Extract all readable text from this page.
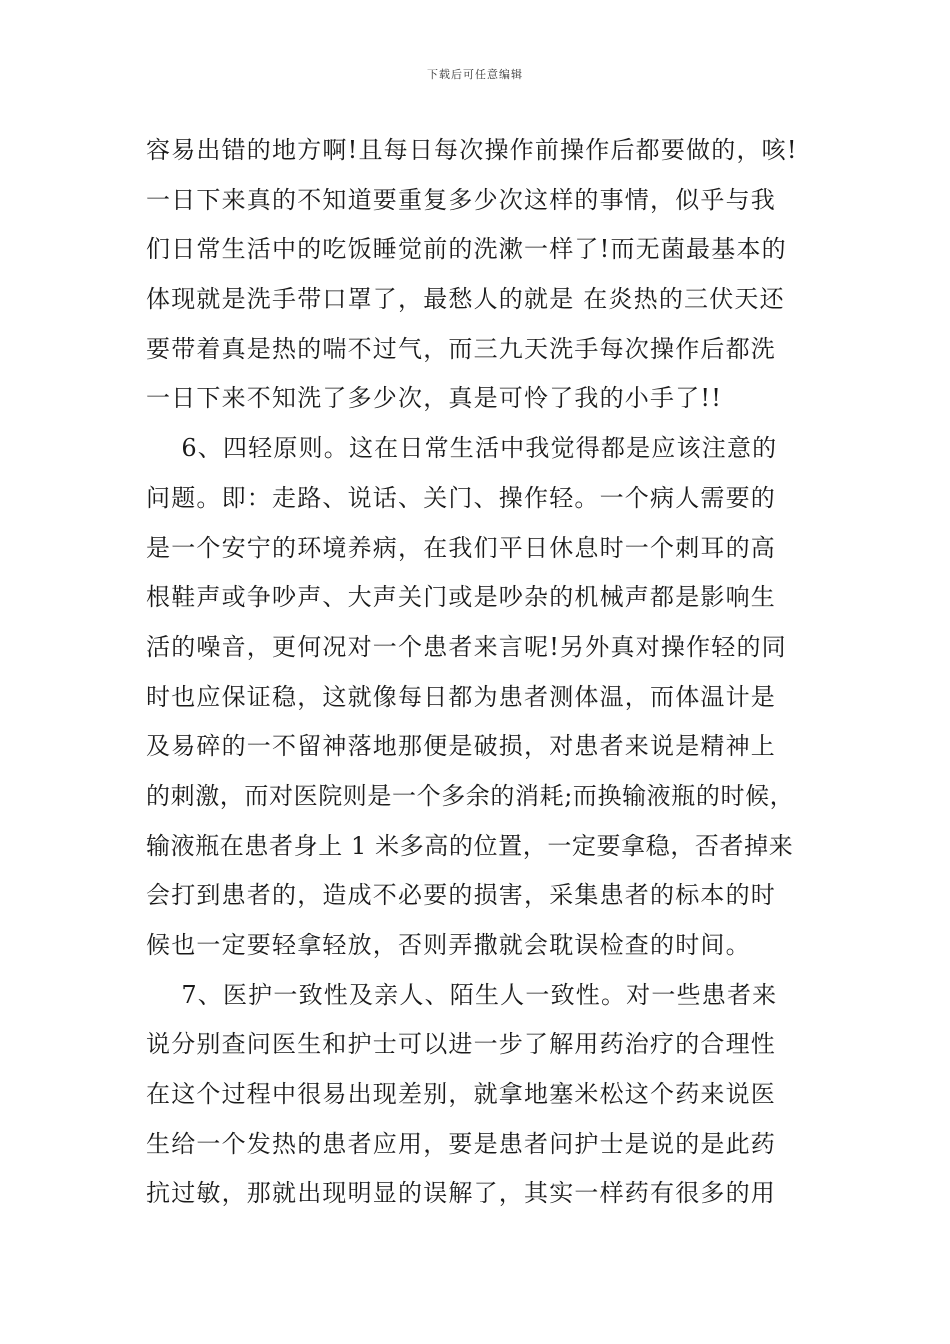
下载后可任意编辑
容易出错的地方啊!且每日每次操作前操作后都要做的，咳!
一日下来真的不知道要重复多少次这样的事情，似乎与我
们日常生活中的吃饭睡觉前的洗漱一样了!而无菌最基本的
体现就是洗手带口罩了，最愁人的就是 在炎热的三伏天还
要带着真是热的喘不过气，而三九天洗手每次操作后都洗
一日下来不知洗了多少次，真是可怜了我的小手了!!
6、四轻原则。这在日常生活中我觉得都是应该注意的
问题。即：走路、说话、关门、操作轻。一个病人需要的
是一个安宁的环境养病，在我们平日休息时一个刺耳的高
根鞋声或争吵声、大声关门或是吵杂的机械声都是影响生
活的噪音，更何况对一个患者来言呢!另外真对操作轻的同
时也应保证稳，这就像每日都为患者测体温，而体温计是
及易碎的一不留神落地那便是破损，对患者来说是精神上
的刺激，而对医院则是一个多余的消耗;而换输液瓶的时候，
输液瓶在患者身上 1 米多高的位置，一定要拿稳，否者掉来
会打到患者的，造成不必要的损害，采集患者的标本的时
候也一定要轻拿轻放，否则弄撒就会耽误检查的时间。
7、医护一致性及亲人、陌生人一致性。对一些患者来
说分别查问医生和护士可以进一步了解用药治疗的合理性
在这个过程中很易出现差别，就拿地塞米松这个药来说医
生给一个发热的患者应用，要是患者问护士是说的是此药
抗过敏，那就出现明显的误解了，其实一样药有很多的用
